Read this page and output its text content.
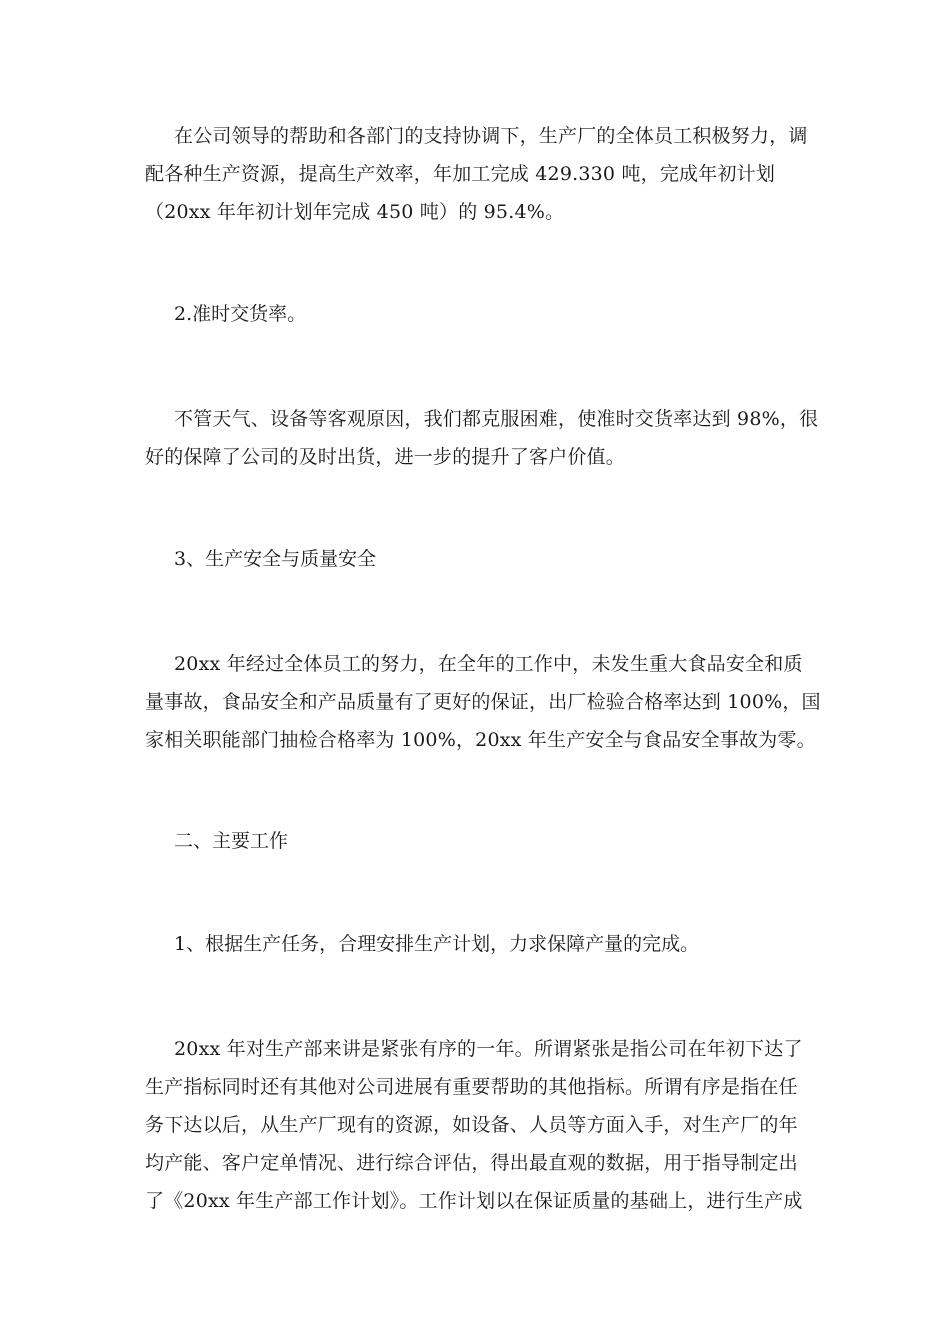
在公司领导的帮助和各部门的支持协调下，生产厂的全体员工积极努力，调
配各种生产资源，提高生产效率，年加工完成 429.330 吨，完成年初计划
（20xx 年年初计划年完成 450 吨）的 95.4%。

2.准时交货率。

不管天气、设备等客观原因，我们都克服困难，使准时交货率达到 98%，很
好的保障了公司的及时出货，进一步的提升了客户价值。

3、生产安全与质量安全

20xx 年经过全体员工的努力，在全年的工作中，未发生重大食品安全和质
量事故，食品安全和产品质量有了更好的保证，出厂检验合格率达到 100%，国
家相关职能部门抽检合格率为 100%，20xx 年生产安全与食品安全事故为零。

二、主要工作

1、根据生产任务，合理安排生产计划，力求保障产量的完成。

20xx 年对生产部来讲是紧张有序的一年。所谓紧张是指公司在年初下达了
生产指标同时还有其他对公司进展有重要帮助的其他指标。所谓有序是指在任
务下达以后，从生产厂现有的资源，如设备、人员等方面入手，对生产厂的年
均产能、客户定单情况、进行综合评估，得出最直观的数据，用于指导制定出
了《20xx 年生产部工作计划》。工作计划以在保证质量的基础上，进行生产成
